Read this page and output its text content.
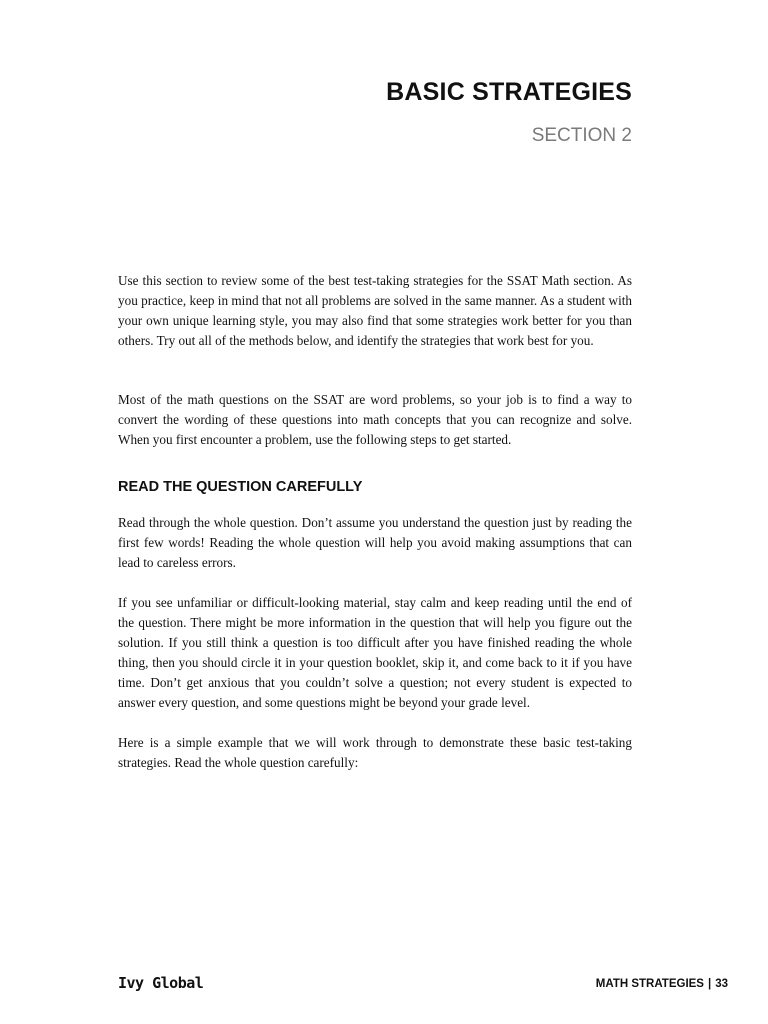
BASIC STRATEGIES
SECTION 2

Use this section to review some of the best test-taking strategies for the SSAT Math section. As you practice, keep in mind that not all problems are solved in the same manner. As a student with your own unique learning style, you may also find that some strategies work better for you than others. Try out all of the methods below, and identify the strategies that work best for you.

Most of the math questions on the SSAT are word problems, so your job is to find a way to convert the wording of these questions into math concepts that you can recognize and solve. When you first encounter a problem, use the following steps to get started.

READ THE QUESTION CAREFULLY

Read through the whole question. Don’t assume you understand the question just by reading the first few words! Reading the whole question will help you avoid making assumptions that can lead to careless errors.

If you see unfamiliar or difficult-looking material, stay calm and keep reading until the end of the question. There might be more information in the question that will help you figure out the solution. If you still think a question is too difficult after you have finished reading the whole thing, then you should circle it in your question booklet, skip it, and come back to it if you have time. Don’t get anxious that you couldn’t solve a question; not every student is expected to answer every question, and some questions might be beyond your grade level.

Here is a simple example that we will work through to demonstrate these basic test-taking strategies. Read the whole question carefully:

Ivy Global	MATH STRATEGIES | 33
